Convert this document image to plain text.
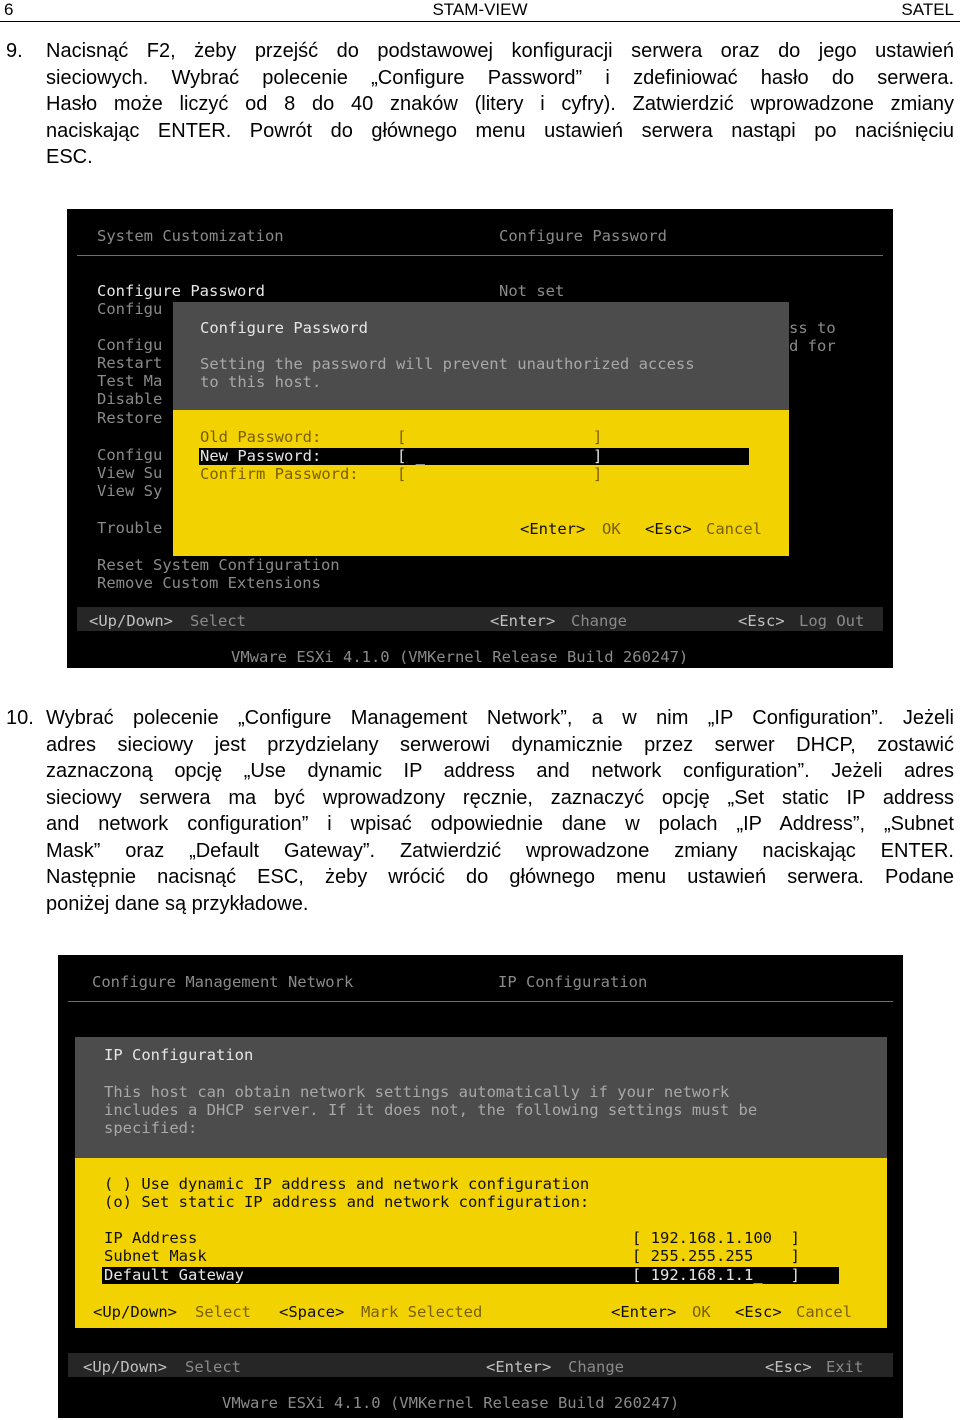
6	STAM-VIEW	SATEL
9. Nacisnąć F2, żeby przejść do podstawowej konfiguracji serwera oraz do jego ustawień
sieciowych. Wybrać polecenie „Configure Password” i zdefiniować hasło do serwera.
Hasło może liczyć od 8 do 40 znaków (litery i cyfry). Zatwierdzić wprowadzone zmiany
naciskając ENTER. Powrót do głównego menu ustawień serwera nastąpi po naciśnięciu
ESC.

System Customization

	Configure Password

Configure Password

Configu

Configu

Restart

Test Ma

Disable

Restore

Configu

View Su

View Sy

Trouble

Reset System Configuration

Remove Custom Extensions

Not set

ss to

d for

Configure Password

Setting the password will prevent unauthorized access

to this host.

Old Password:

	[                    ]

New Password:

	[ _                  ]

Confirm Password:

[                    ]

<Enter>

OK

<Esc>

Cancel

<Up/Down>

Select

	<Enter>

Change

	<Esc>

Log Out

VMware ESXi 4.1.0 (VMKernel Release Build 260247)

10. Wybrać polecenie „Configure Management Network”, a w nim „IP Configuration”. Jeżeli
adres sieciowy jest przydzielany serwerowi dynamicznie przez serwer DHCP, zostawić
zaznaczoną opcję „Use dynamic IP address and network configuration”. Jeżeli adres
sieciowy serwera ma być wprowadzony ręcznie, zaznaczyć opcję „Set static IP address
and network configuration” i wpisać odpowiednie dane w polach „IP Address”, „Subnet
Mask” oraz „Default Gateway”. Zatwierdzić wprowadzone zmiany naciskając ENTER.
Następnie nacisnąć ESC, żeby wrócić do głównego menu ustawień serwera. Podane
poniżej dane są przykładowe.

Configure Management Network

	IP Configuration

IP Configuration

This host can obtain network settings automatically if your network

includes a DHCP server. If it does not, the following settings must be

specified:

( ) Use dynamic IP address and network configuration

(o) Set static IP address and network configuration:

IP Address

	[ 192.168.1.100  ]

Subnet Mask

	[ 255.255.255    ]

Default Gateway

	[ 192.168.1.1_   ]

<Up/Down>

Select

<Space>

Mark Selected

	<Enter>

OK

<Esc>

Cancel

<Up/Down>

Select

	<Enter>

Change

	<Esc>

Exit

VMware ESXi 4.1.0 (VMKernel Release Build 260247)
